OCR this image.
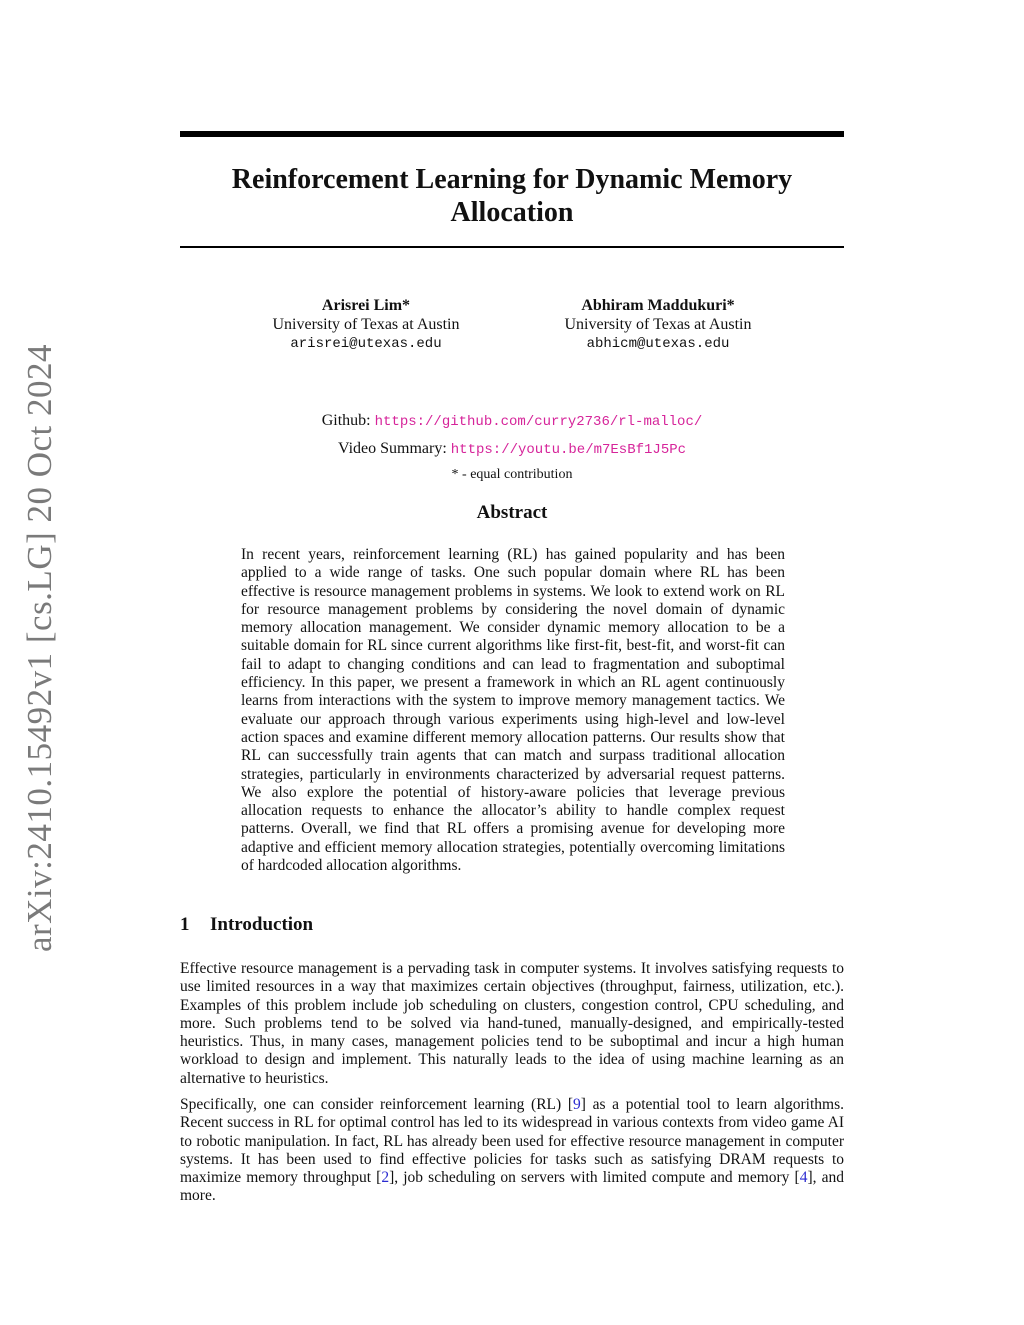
arXiv:2410.15492v1 [cs.LG] 20 Oct 2024
Reinforcement Learning for Dynamic Memory Allocation
Arisrei Lim*
University of Texas at Austin
arisrei@utexas.edu
Abhiram Maddukuri*
University of Texas at Austin
abhicm@utexas.edu
Github: https://github.com/curry2736/rl-malloc/
Video Summary: https://youtu.be/m7EsBf1J5Pc
* - equal contribution
Abstract

In recent years, reinforcement learning (RL) has gained popularity and has been applied to a wide range of tasks. One such popular domain where RL has been effective is resource management problems in systems. We look to extend work on RL for resource management problems by considering the novel domain of dynamic memory allocation management. We consider dynamic memory allocation to be a suitable domain for RL since current algorithms like first-fit, best-fit, and worst-fit can fail to adapt to changing conditions and can lead to fragmentation and suboptimal efficiency. In this paper, we present a framework in which an RL agent continuously learns from interactions with the system to improve memory management tactics. We evaluate our approach through various experiments using high-level and low-level action spaces and examine different memory allocation patterns. Our results show that RL can successfully train agents that can match and surpass traditional allocation strategies, particularly in environments characterized by adversarial request patterns. We also explore the potential of history-aware policies that leverage previous allocation requests to enhance the allocator’s ability to handle complex request patterns. Overall, we find that RL offers a promising avenue for developing more adaptive and efficient memory allocation strategies, potentially overcoming limitations of hardcoded allocation algorithms.

1 Introduction

Effective resource management is a pervading task in computer systems. It involves satisfying requests to use limited resources in a way that maximizes certain objectives (throughput, fairness, utilization, etc.). Examples of this problem include job scheduling on clusters, congestion control, CPU scheduling, and more. Such problems tend to be solved via hand-tuned, manually-designed, and empirically-tested heuristics. Thus, in many cases, management policies tend to be suboptimal and incur a high human workload to design and implement. This naturally leads to the idea of using machine learning as an alternative to heuristics.

Specifically, one can consider reinforcement learning (RL) [9] as a potential tool to learn algorithms. Recent success in RL for optimal control has led to its widespread in various contexts from video game AI to robotic manipulation. In fact, RL has already been used for effective resource management in computer systems. It has been used to find effective policies for tasks such as satisfying DRAM requests to maximize memory throughput [2], job scheduling on servers with limited compute and memory [4], and more.
